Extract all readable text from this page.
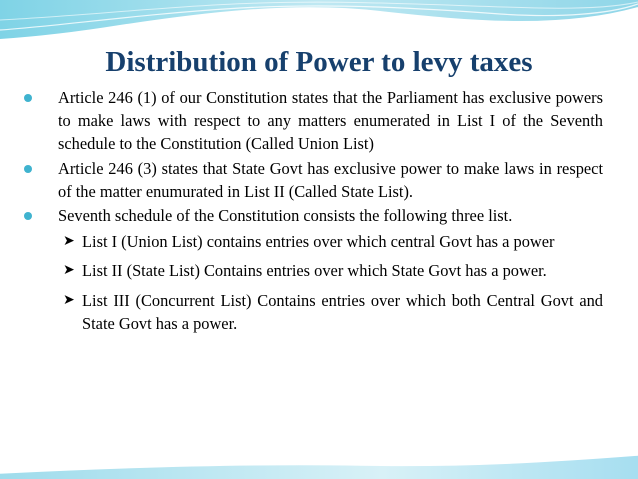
Distribution of Power to levy taxes
Article 246 (1) of our Constitution states that the Parliament has exclusive powers to make laws with respect to any matters enumerated in List I of the Seventh schedule to the Constitution (Called Union List)
Article 246 (3) states that State Govt has exclusive power to make laws in respect of the matter enumurated in List II (Called State List).
Seventh schedule of the Constitution consists the following three list.
➤ List I (Union List) contains entries over which central Govt has a power
➤ List II (State List) Contains entries over which State Govt has a power.
➤ List III (Concurrent List) Contains entries over which both Central Govt and State Govt has a power.
